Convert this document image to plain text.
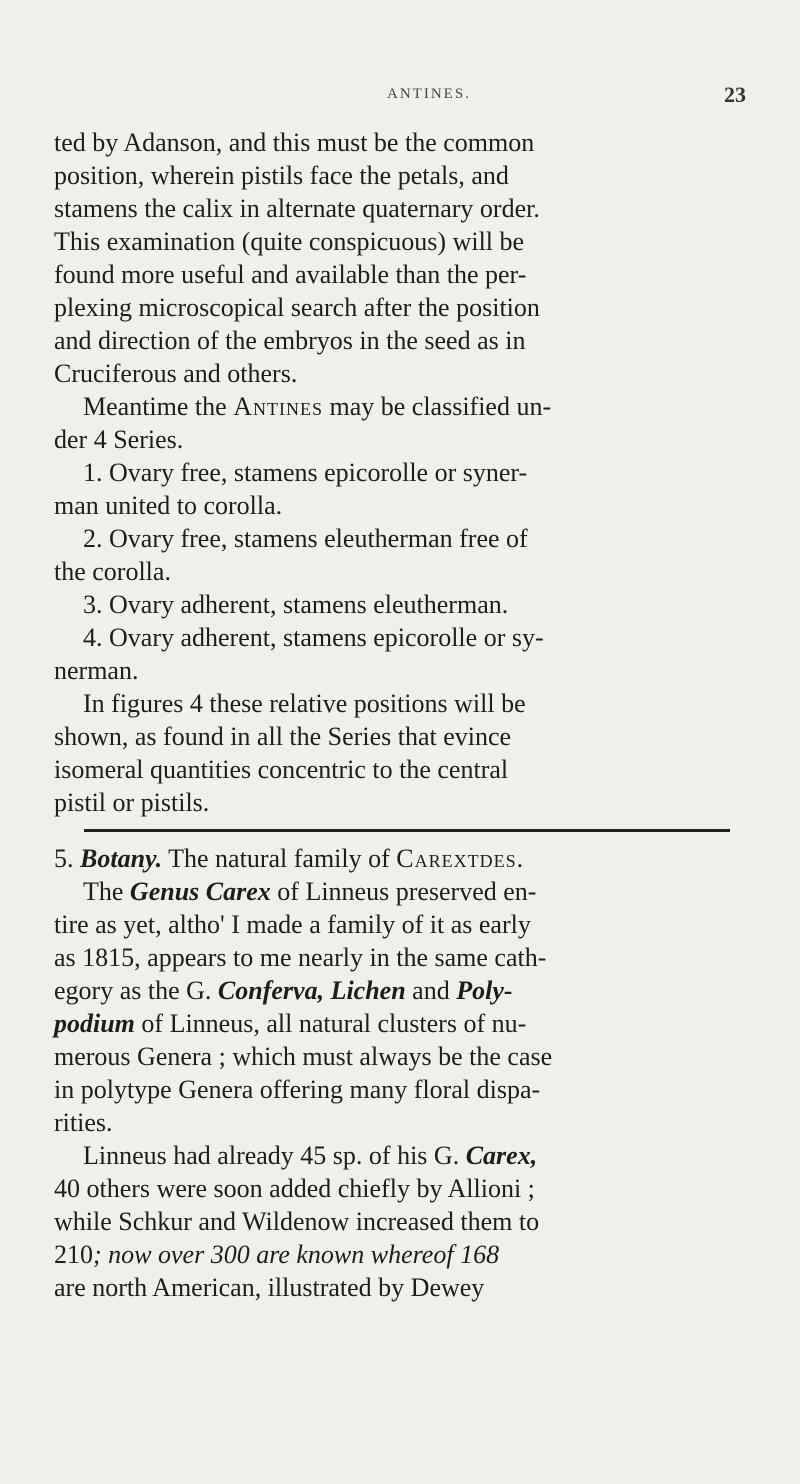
ANTINES.	23
ted by Adanson, and this must be the common
position, wherein pistils face the petals, and
stamens the calix in alternate quaternary order.
This examination (quite conspicuous) will be
found more useful and available than the per-
plexing microscopical search after the position
and direction of the embryos in the seed as in
Cruciferous and others.
Meantime the Antines may be classified un-
der 4 Series.
1. Ovary free, stamens epicorolle or syner-
man united to corolla.
2. Ovary free, stamens eleutherman free of
the corolla.
3. Ovary adherent, stamens eleutherman.
4. Ovary adherent, stamens epicorolle or sy-
nerman.
In figures 4 these relative positions will be
shown, as found in all the Series that evince
isomeral quantities concentric to the central
pistil or pistils.
5. Botany. The natural family of Carextdes.
The Genus Carex of Linneus preserved en-
tire as yet, altho' I made a family of it as early
as 1815, appears to me nearly in the same cath-
egory as the G. Conferva, Lichen and Poly-
podium of Linneus, all natural clusters of nu-
merous Genera ; which must always be the case
in polytype Genera offering many floral dispa-
rities.
Linneus had already 45 sp. of his G. Carex,
40 others were soon added chiefly by Allioni ;
while Schkur and Wildenow increased them to
210; now over 300 are known whereof 168
are north American, illustrated by Dewey
